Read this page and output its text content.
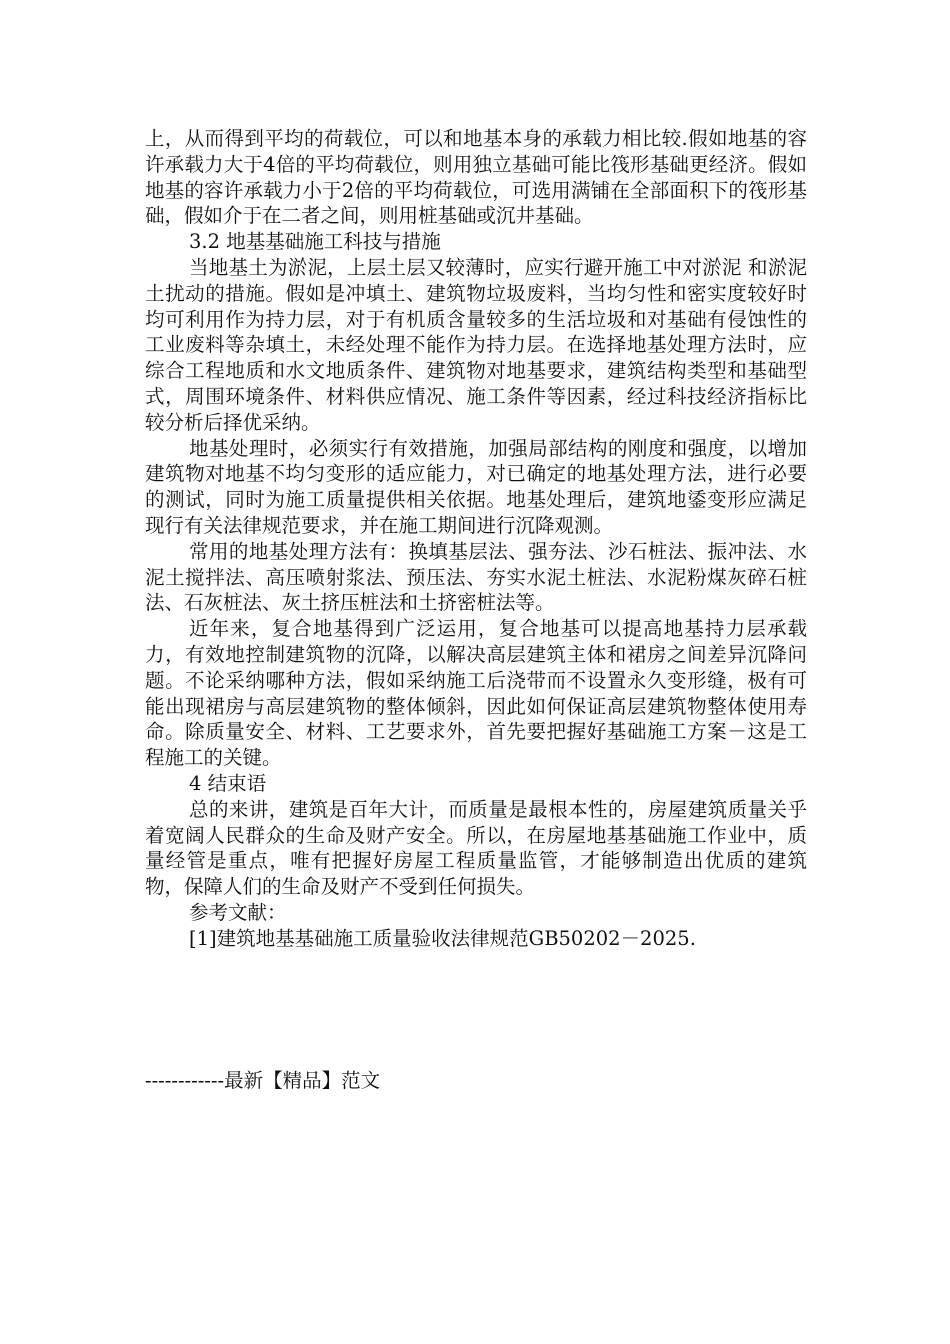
上，从而得到平均的荷载位，可以和地基本身的承载力相比较.假如地基的容许承载力大于4倍的平均荷载位，则用独立基础可能比筏形基础更经济。假如地基的容许承载力小于2倍的平均荷载位，可选用满铺在全部面积下的筏形基础，假如介于在二者之间，则用桩基础或沉井基础。

3.2 地基基础施工科技与措施

当地基土为淤泥，上层土层又较薄时，应实行避开施工中对淤泥 和淤泥土扰动的措施。假如是冲填土、建筑物垃圾废料，当均匀性和密实度较好时均可利用作为持力层，对于有机质含量较多的生活垃圾和对基础有侵蚀性的工业废料等杂填土，未经处理不能作为持力层。在选择地基处理方法时，应综合工程地质和水文地质条件、建筑物对地基要求，建筑结构类型和基础型式，周围环境条件、材料供应情况、施工条件等因素，经过科技经济指标比较分析后择优采纳。

地基处理时，必须实行有效措施，加强局部结构的刚度和强度，以增加建筑物对地基不均匀变形的适应能力，对已确定的地基处理方法，进行必要的测试，同时为施工质量提供相关依据。地基处理后，建筑地鋈变形应满足现行有关法律规范要求，并在施工期间进行沉降观测。

常用的地基处理方法有：换填基层法、强夯法、沙石桩法、振冲法、水泥土搅拌法、高压喷射浆法、预压法、夯实水泥土桩法、水泥粉煤灰碎石桩法、石灰桩法、灰土挤压桩法和土挤密桩法等。

近年来，复合地基得到广泛运用，复合地基可以提高地基持力层承载力，有效地控制建筑物的沉降，以解决高层建筑主体和裙房之间差异沉降问题。不论采纳哪种方法，假如采纳施工后浇带而不设置永久变形缝，极有可能出现裙房与高层建筑物的整体倾斜，因此如何保证高层建筑物整体使用寿命。除质量安全、材料、工艺要求外，首先要把握好基础施工方案－这是工程施工的关键。

4 结束语

总的来讲，建筑是百年大计，而质量是最根本性的，房屋建筑质量关乎着宽阔人民群众的生命及财产安全。所以，在房屋地基基础施工作业中，质量经管是重点，唯有把握好房屋工程质量监管，才能够制造出优质的建筑物，保障人们的生命及财产不受到任何损失。

参考文献：

[1]建筑地基基础施工质量验收法律规范GB50202－2025.

------------最新【精品】范文
